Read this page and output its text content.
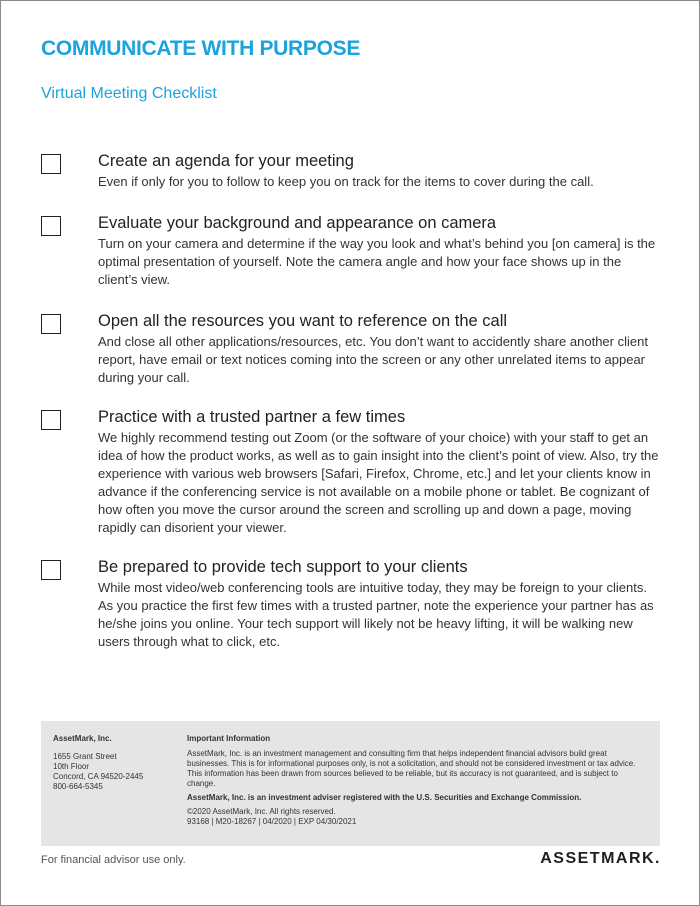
COMMUNICATE WITH PURPOSE
Virtual Meeting Checklist
Create an agenda for your meeting
Even if only for you to follow to keep you on track for the items to cover during the call.
Evaluate your background and appearance on camera
Turn on your camera and determine if the way you look and what’s behind you [on camera] is the optimal presentation of yourself. Note the camera angle and how your face shows up in the client’s view.
Open all the resources you want to reference on the call
And close all other applications/resources, etc. You don’t want to accidently share another client report, have email or text notices coming into the screen or any other unrelated items to appear during your call.
Practice with a trusted partner a few times
We highly recommend testing out Zoom (or the software of your choice) with your staff to get an idea of how the product works, as well as to gain insight into the client’s point of view. Also, try the experience with various web browsers [Safari, Firefox, Chrome, etc.] and let your clients know in advance if the conferencing service is not available on a mobile phone or tablet. Be cognizant of how often you move the cursor around the screen and scrolling up and down a page, moving rapidly can disorient your viewer.
Be prepared to provide tech support to your clients
While most video/web conferencing tools are intuitive today, they may be foreign to your clients. As you practice the first few times with a trusted partner, note the experience your partner has as he/she joins you online. Your tech support will likely not be heavy lifting, it will be walking new users through what to click, etc.
AssetMark, Inc.
1655 Grant Street
10th Floor
Concord, CA 94520-2445
800-664-5345
Important Information
AssetMark, Inc. is an investment management and consulting firm that helps independent financial advisors build great businesses. This is for informational purposes only, is not a solicitation, and should not be considered investment or tax advice. This information has been drawn from sources believed to be reliable, but its accuracy is not guaranteed, and is subject to change.
AssetMark, Inc. is an investment adviser registered with the U.S. Securities and Exchange Commission.
©2020 AssetMark, Inc. All rights reserved.
93168 | M20-18267 | 04/2020 | EXP 04/30/2021
For financial advisor use only.	ASSETMARK.
